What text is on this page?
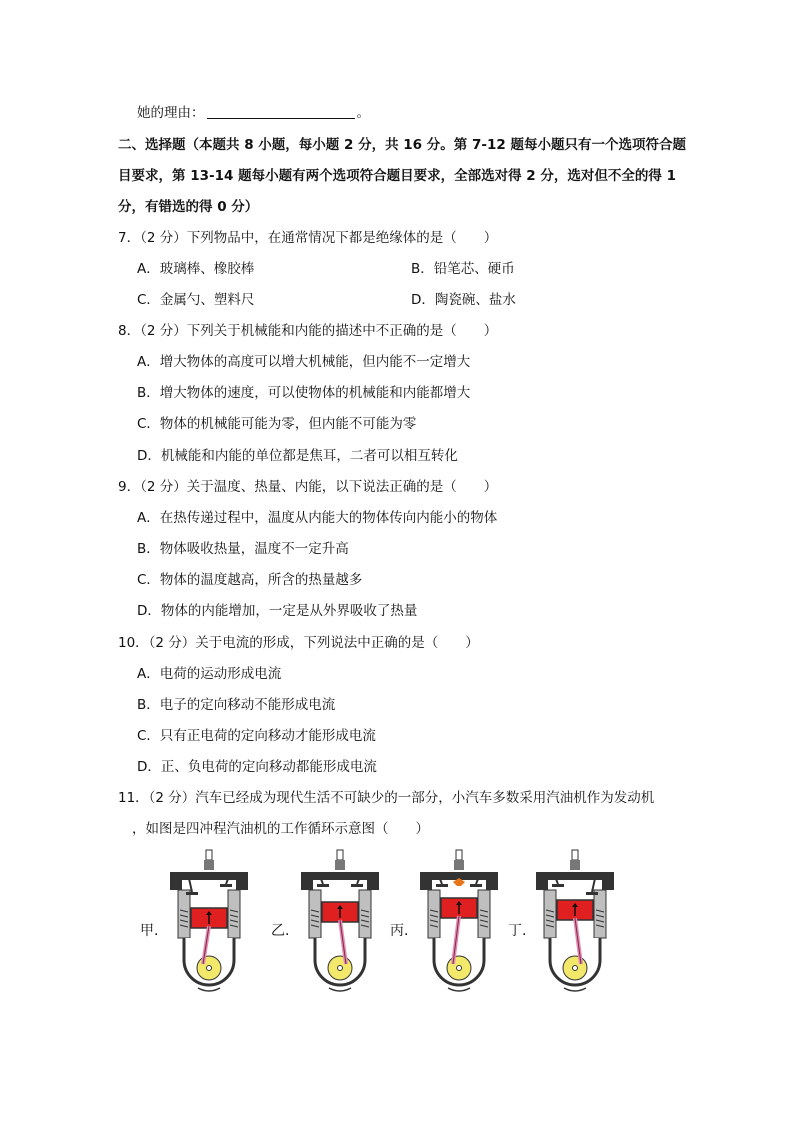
她的理由：	。
二、选择题（本题共 8 小题，每小题 2 分，共 16 分。第 7-12 题每小题只有一个选项符合题
目要求，第 13-14 题每小题有两个选项符合题目要求，全部选对得 2 分，选对但不全的得 1
分，有错选的得 0 分）
7．（2 分）下列物品中，在通常情况下都是绝缘体的是（　　）
A．玻璃棒、橡胶棒	B．铅笔芯、硬币
C．金属勺、塑料尺	D．陶瓷碗、盐水
8．（2 分）下列关于机械能和内能的描述中不正确的是（　　）
A．增大物体的高度可以增大机械能，但内能不一定增大
B．增大物体的速度，可以使物体的机械能和内能都增大
C．物体的机械能可能为零，但内能不可能为零
D．机械能和内能的单位都是焦耳，二者可以相互转化
9．（2 分）关于温度、热量、内能，以下说法正确的是（　　）
A．在热传递过程中，温度从内能大的物体传向内能小的物体
B．物体吸收热量，温度不一定升高
C．物体的温度越高，所含的热量越多
D．物体的内能增加，一定是从外界吸收了热量
10．（2 分）关于电流的形成，下列说法中正确的是（　　）
A．电荷的运动形成电流
B．电子的定向移动不能形成电流
C．只有正电荷的定向移动才能形成电流
D．正、负电荷的定向移动都能形成电流
11．（2 分）汽车已经成为现代生活不可缺少的一部分，小汽车多数采用汽油机作为发动机
，如图是四冲程汽油机的工作循环示意图（　　）
甲.	乙.	丙.	丁.
